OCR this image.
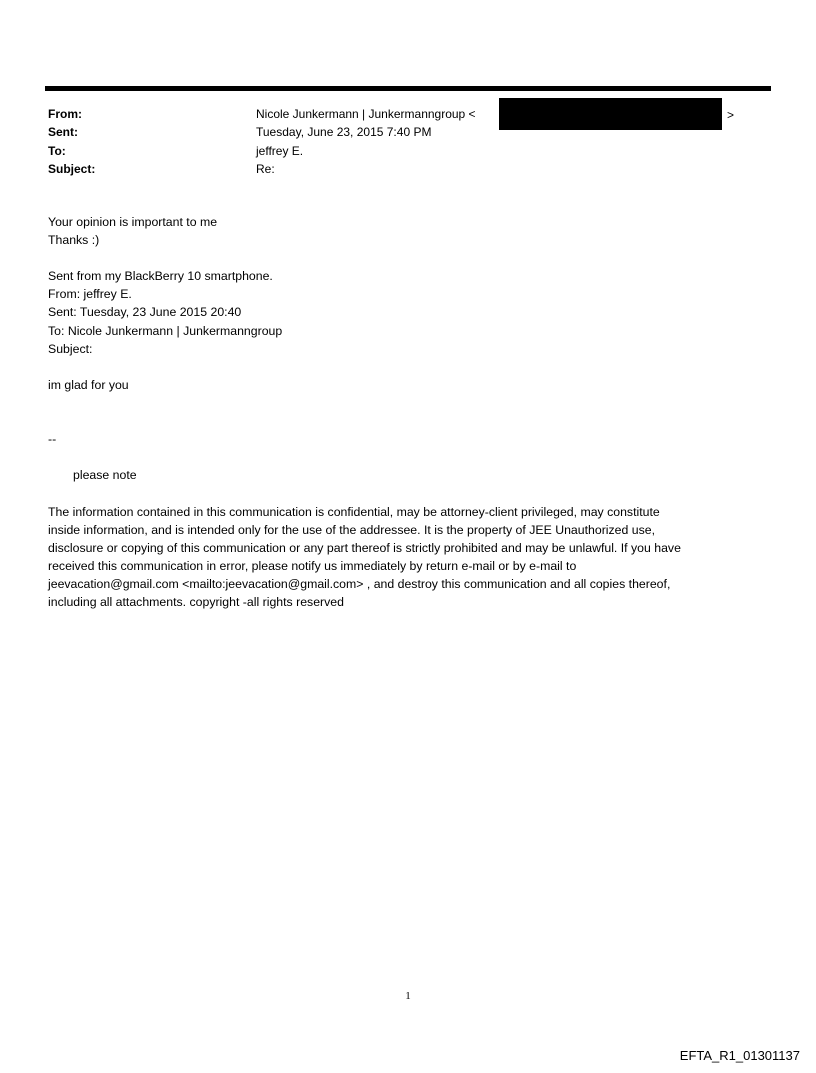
From:	Nicole Junkermann | Junkermanngroup <
Sent:	Tuesday, June 23, 2015 7:40 PM
To:	jeffrey E.
Subject:	Re:
>
Your opinion is important to me
Thanks :)
Sent from my BlackBerry 10 smartphone.
From: jeffrey E.
Sent: Tuesday, 23 June 2015 20:40
To: Nicole Junkermann | Junkermanngroup
Subject:
im glad for you
--
please note
The information contained in this communication is confidential, may be attorney-client privileged, may constitute
inside information, and is intended only for the use of the addressee. It is the property of JEE Unauthorized use,
disclosure or copying of this communication or any part thereof is strictly prohibited and may be unlawful. If you have
received this communication in error, please notify us immediately by return e-mail or by e-mail to
jeevacation@gmail.com <mailto:jeevacation@gmail.com> , and destroy this communication and all copies thereof,
including all attachments. copyright -all rights reserved
1
EFTA_R1_01301137
